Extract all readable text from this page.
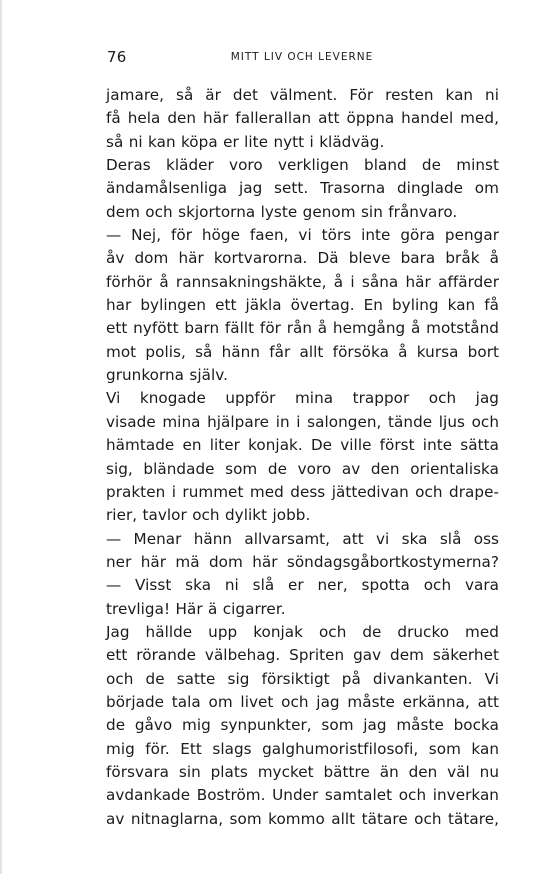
76	MITT LIV OCH LEVERNE
jamare, så är det välment. För resten kan ni
få hela den här fallerallan att öppna handel med,
så ni kan köpa er lite nytt i klädväg.
Deras kläder voro verkligen bland de minst
ändamålsenliga jag sett. Trasorna dinglade om
dem och skjortorna lyste genom sin frånvaro.
— Nej, för höge faen, vi törs inte göra pengar
åv dom här kortvarorna. Dä bleve bara bråk å
förhör å rannsakningshäkte, å i såna här affärder
har bylingen ett jäkla övertag. En byling kan få
ett nyfött barn fällt för rån å hemgång å motstånd
mot polis, så hänn får allt försöka å kursa bort
grunkorna själv.
Vi knogade uppför mina trappor och jag
visade mina hjälpare in i salongen, tände ljus och
hämtade en liter konjak. De ville först inte sätta
sig, bländade som de voro av den orientaliska
prakten i rummet med dess jättedivan och drape-
rier, tavlor och dylikt jobb.
— Menar hänn allvarsamt, att vi ska slå oss
ner här mä dom här söndagsgåbortkostymerna?
— Visst ska ni slå er ner, spotta och vara
trevliga! Här ä cigarrer.
Jag hällde upp konjak och de drucko med
ett rörande välbehag. Spriten gav dem säkerhet
och de satte sig försiktigt på divankanten. Vi
började tala om livet och jag måste erkänna, att
de gåvo mig synpunkter, som jag måste bocka
mig för. Ett slags galghumoristfilosofi, som kan
försvara sin plats mycket bättre än den väl nu
avdankade Boström. Under samtalet och inverkan
av nitnaglarna, som kommo allt tätare och tätare,
